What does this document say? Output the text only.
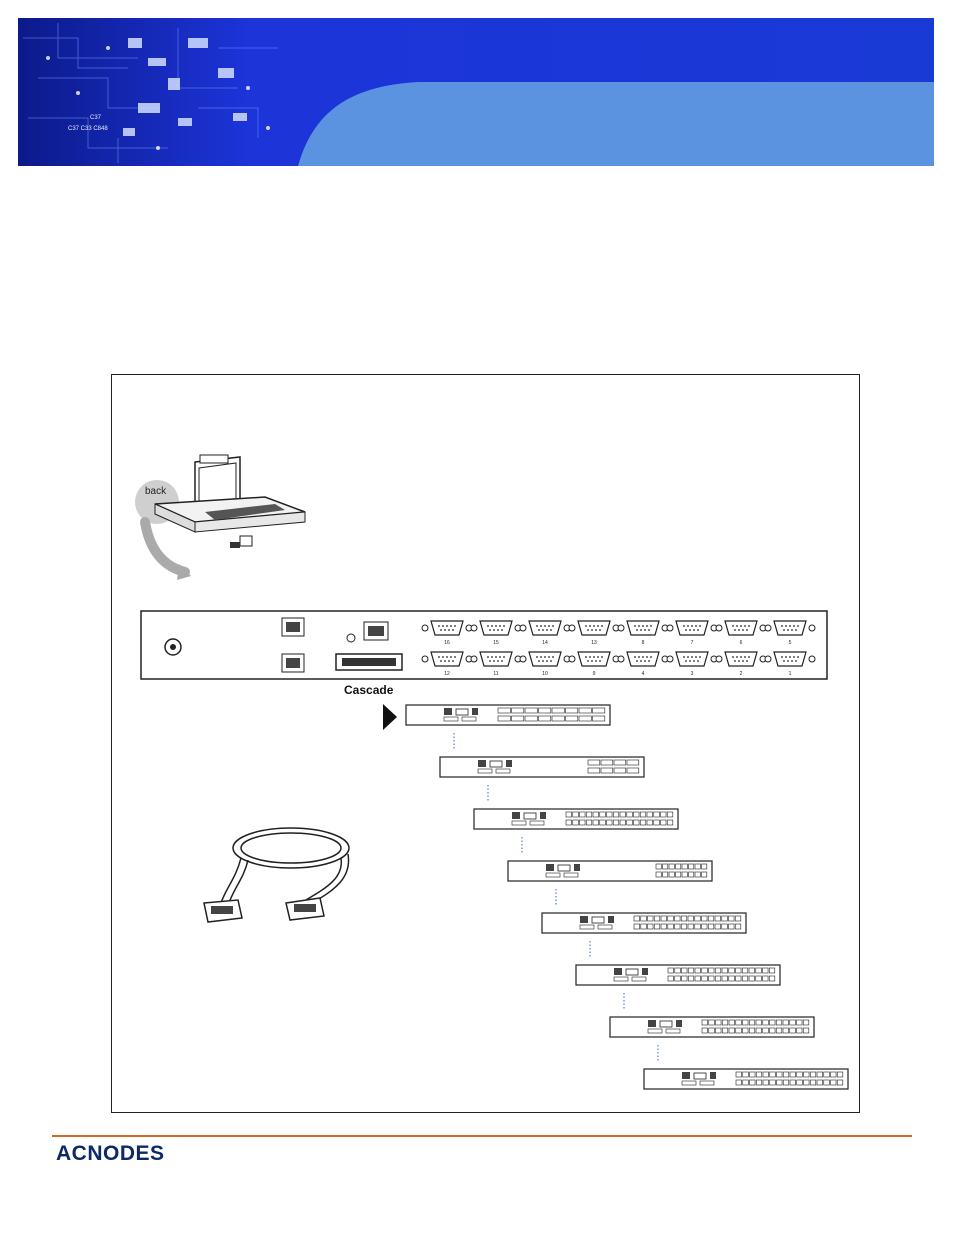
C37
C37 C33 C848
back
16	15	14	13	8	7	6	5
12	11	10	9	4	3	2	1
Cascade
ACNODES
